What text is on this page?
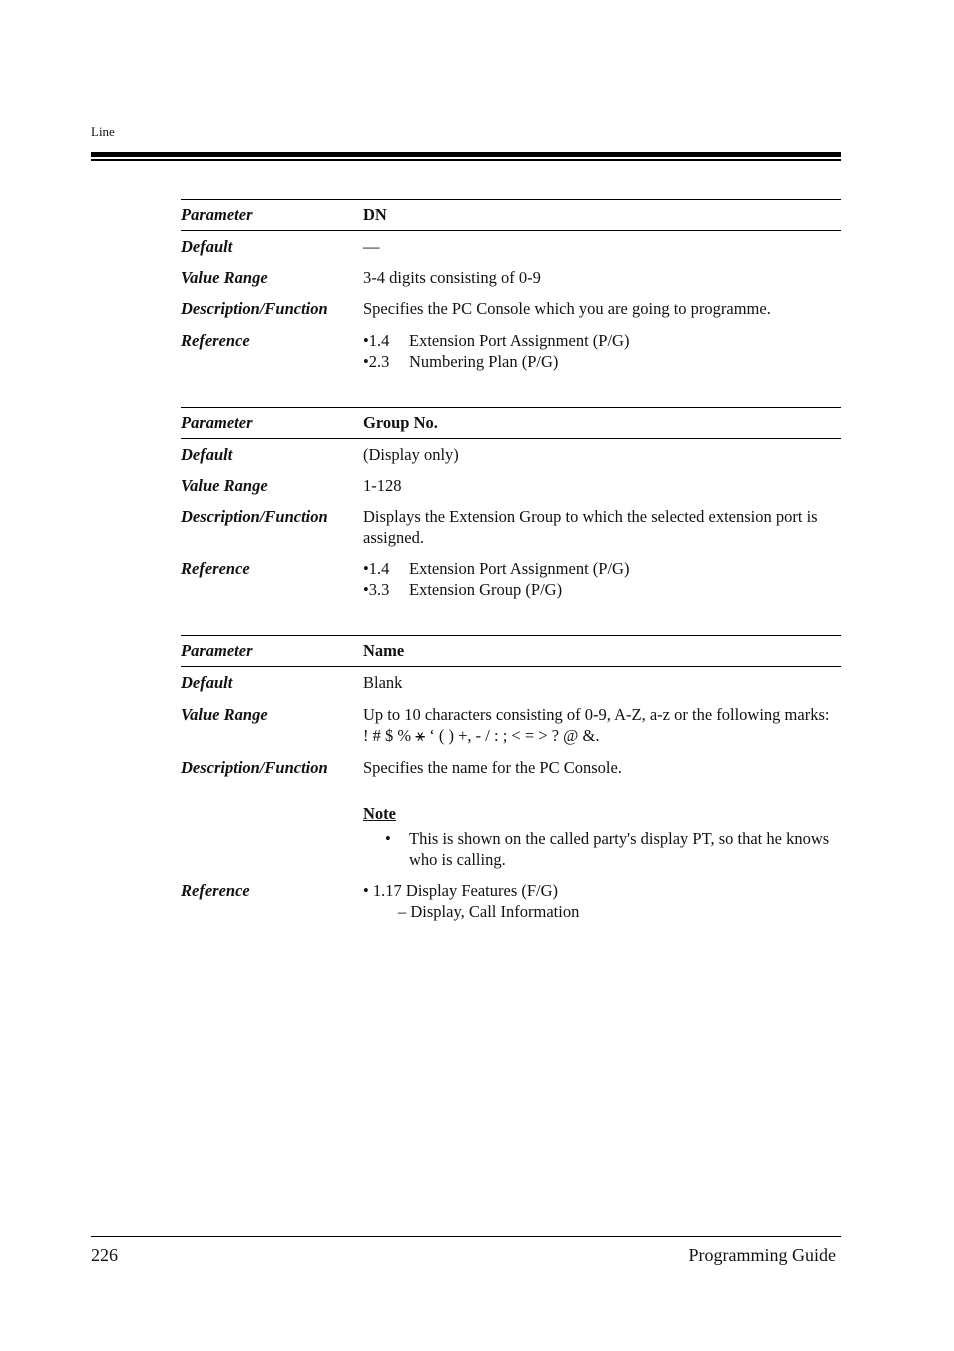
Line
Parameter	DN
Default	—
Value Range	3-4 digits consisting of 0-9
Description/Function Specifies the PC Console which you are going to programme.
Reference	•1.4 Extension Port Assignment (P/G)
•2.3 Numbering Plan (P/G)
Parameter	Group No.
Default	(Display only)
Value Range	1-128
Description/Function Displays the Extension Group to which the selected extension port is assigned.
Reference	•1.4 Extension Port Assignment (P/G)
•3.3 Extension Group (P/G)
Parameter	Name
Default	Blank
Value Range	Up to 10 characters consisting of 0-9, A-Z, a-z or the following marks: ! # $ % ⚹ ‘ ( ) +, - / : ; < = > ? @ &.
Description/Function Specifies the name for the PC Console.
Note
• This is shown on the called party's display PT, so that he knows who is calling.
Reference	• 1.17 Display Features (F/G)
– Display, Call Information
226	Programming Guide
